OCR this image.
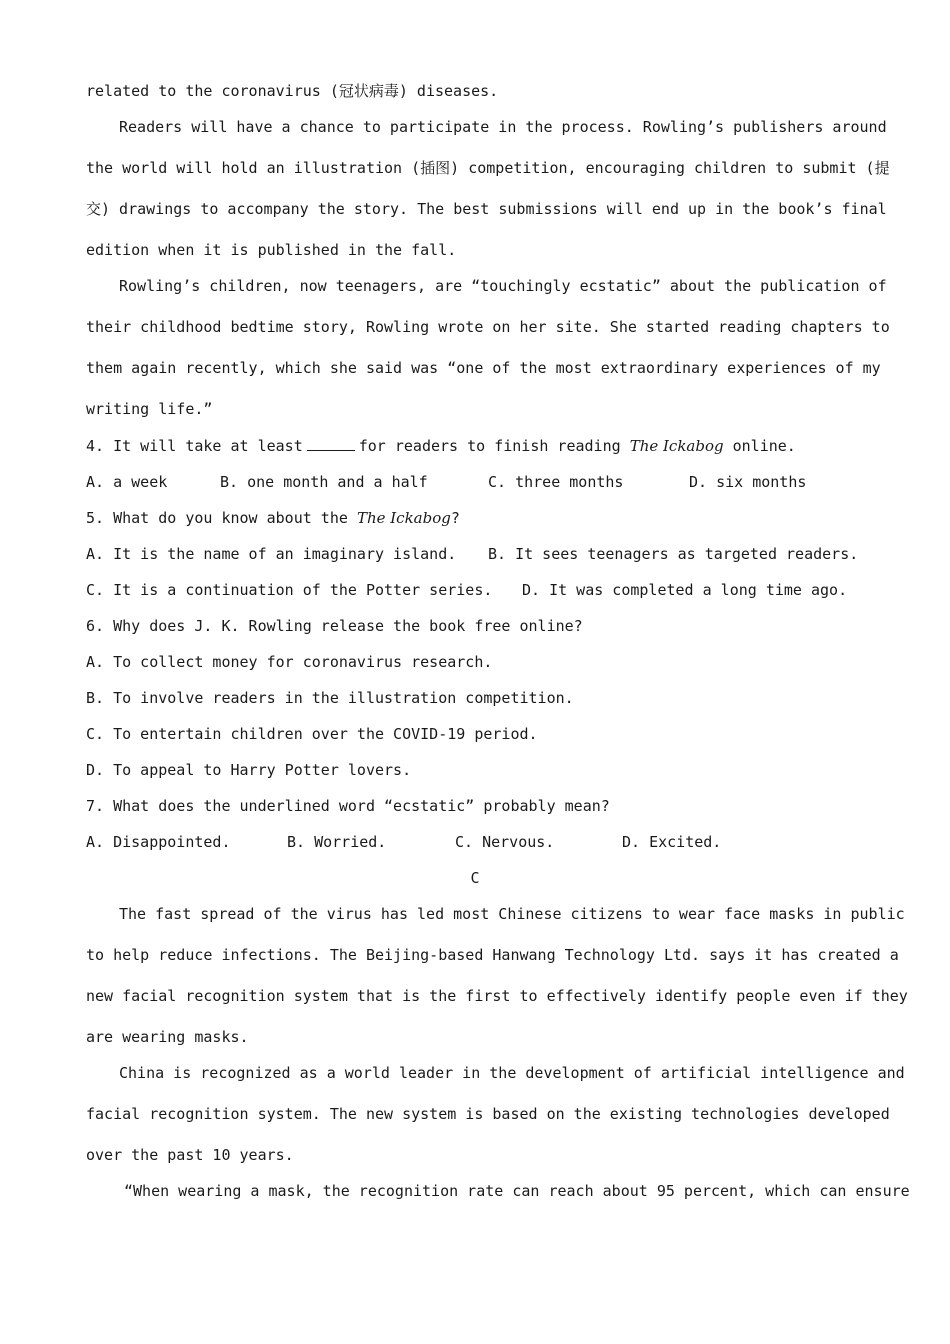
related to the coronavirus (冠状病毒) diseases.
Readers will have a chance to participate in the process. Rowling’s publishers around
the world will hold an illustration (插图) competition, encouraging children to submit (提
交) drawings to accompany the story. The best submissions will end up in the book’s final
edition when it is published in the fall.
Rowling’s children, now teenagers, are “touchingly ecstatic” about the publication of
their childhood bedtime story, Rowling wrote on her site. She started reading chapters to
them again recently, which she said was “one of the most extraordinary experiences of my
writing life.”
4. It will take at least	for readers to finish reading The Ickabog online.
A. a week	B. one month and a half	C. three months	D. six months
5. What do you know about the The Ickabog?
A. It is the name of an imaginary island. B. It sees teenagers as targeted readers.
C. It is a continuation of the Potter series. D. It was completed a long time ago.
6. Why does J. K. Rowling release the book free online?
A. To collect money for coronavirus research.
B. To involve readers in the illustration competition.
C. To entertain children over the COVID-19 period.
D. To appeal to Harry Potter lovers.
7. What does the underlined word “ecstatic” probably mean?
A. Disappointed.	B. Worried.	C. Nervous.	D. Excited.
C
The fast spread of the virus has led most Chinese citizens to wear face masks in public
to help reduce infections. The Beijing-based Hanwang Technology Ltd. says it has created a
new facial recognition system that is the first to effectively identify people even if they
are wearing masks.
China is recognized as a world leader in the development of artificial intelligence and
facial recognition system. The new system is based on the existing technologies developed
over the past 10 years.
“When wearing a mask, the recognition rate can reach about 95 percent, which can ensure
